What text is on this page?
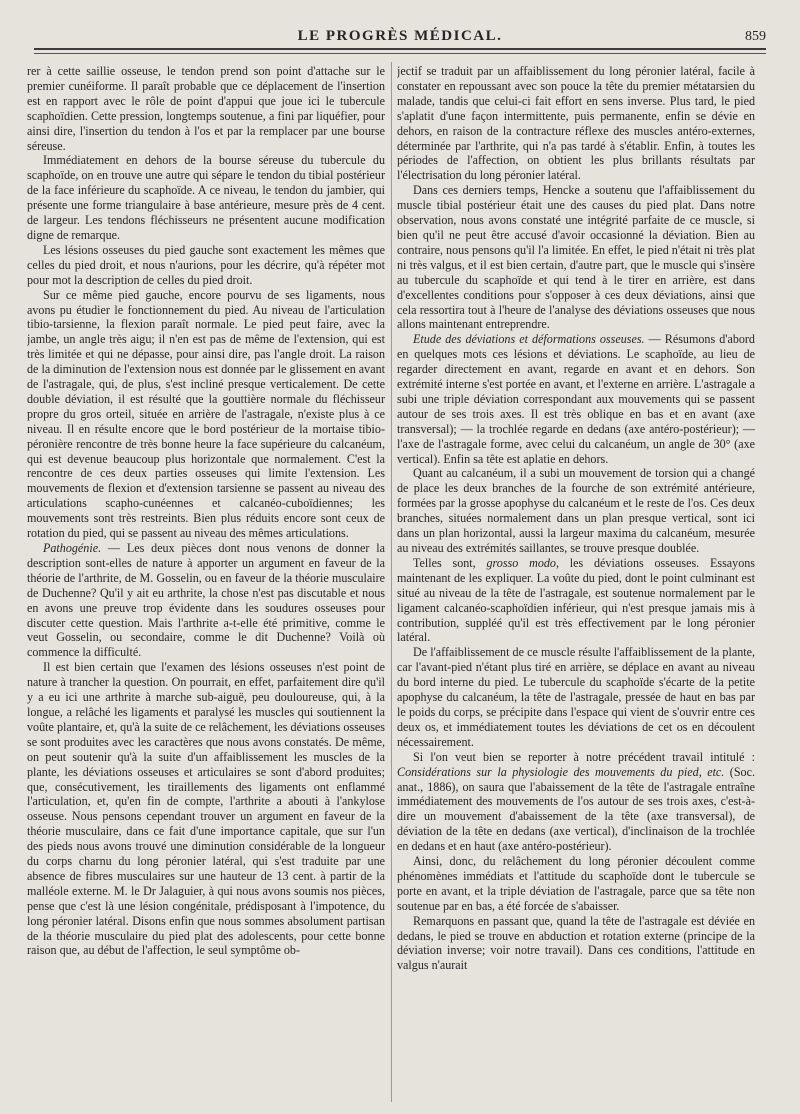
LE PROGRÈS MÉDICAL.	859

rer à cette saillie osseuse, le tendon prend son point d'attache sur le premier cunéiforme. Il paraît probable que ce déplacement de l'insertion est en rapport avec le rôle de point d'appui que joue ici le tubercule scaphoïdien. Cette pression, longtemps soutenue, a fini par liquéfier, pour ainsi dire, l'insertion du tendon à l'os et par la remplacer par une bourse séreuse.

Immédiatement en dehors de la bourse séreuse du tubercule du scaphoïde, on en trouve une autre qui sépare le tendon du tibial postérieur de la face inférieure du scaphoïde. A ce niveau, le tendon du jambier, qui présente une forme triangulaire à base antérieure, mesure près de 4 cent. de largeur. Les tendons fléchisseurs ne présentent aucune modification digne de remarque.

Les lésions osseuses du pied gauche sont exactement les mêmes que celles du pied droit, et nous n'aurions, pour les décrire, qu'à répéter mot pour mot la description de celles du pied droit.

Sur ce même pied gauche, encore pourvu de ses ligaments, nous avons pu étudier le fonctionnement du pied. Au niveau de l'articulation tibio-tarsienne, la flexion paraît normale. Le pied peut faire, avec la jambe, un angle très aigu; il n'en est pas de même de l'extension, qui est très limitée et qui ne dépasse, pour ainsi dire, pas l'angle droit. La raison de la diminution de l'extension nous est donnée par le glissement en avant de l'astragale, qui, de plus, s'est incliné presque verticalement. De cette double déviation, il est résulté que la gouttière normale du fléchisseur propre du gros orteil, située en arrière de l'astragale, n'existe plus à ce niveau. Il en résulte encore que le bord postérieur de la mortaise tibio-péronière rencontre de très bonne heure la face supérieure du calcanéum, qui est devenue beaucoup plus horizontale que normalement. C'est la rencontre de ces deux parties osseuses qui limite l'extension. Les mouvements de flexion et d'extension tarsienne se passent au niveau des articulations scapho-cunéennes et calcanéo-cuboïdiennes; les mouvements sont très restreints. Bien plus réduits encore sont ceux de rotation du pied, qui se passent au niveau des mêmes articulations.

Pathogénie. — Les deux pièces dont nous venons de donner la description sont-elles de nature à apporter un argument en faveur de la théorie de l'arthrite, de M. Gosselin, ou en faveur de la théorie musculaire de Duchenne? Qu'il y ait eu arthrite, la chose n'est pas discutable et nous en avons une preuve trop évidente dans les soudures osseuses pour discuter cette question. Mais l'arthrite a-t-elle été primitive, comme le veut Gosselin, ou secondaire, comme le dit Duchenne? Voilà où commence la difficulté.

Il est bien certain que l'examen des lésions osseuses n'est point de nature à trancher la question. On pourrait, en effet, parfaitement dire qu'il y a eu ici une arthrite à marche sub-aiguë, peu douloureuse, qui, à la longue, a relâché les ligaments et paralysé les muscles qui soutiennent la voûte plantaire, et, qu'à la suite de ce relâchement, les déviations osseuses se sont produites avec les caractères que nous avons constatés. De même, on peut soutenir qu'à la suite d'un affaiblissement les muscles de la plante, les déviations osseuses et articulaires se sont d'abord produites; que, consécutivement, les tiraillements des ligaments ont enflammé l'articulation, et, qu'en fin de compte, l'arthrite a abouti à l'ankylose osseuse. Nous pensons cependant trouver un argument en faveur de la théorie musculaire, dans ce fait d'une importance capitale, que sur l'un des pieds nous avons trouvé une diminution considérable de la longueur du corps charnu du long péronier latéral, qui s'est traduite par une absence de fibres musculaires sur une hauteur de 13 cent. à partir de la malléole externe. M. le Dr Jalaguier, à qui nous avons soumis nos pièces, pense que c'est là une lésion congénitale, prédisposant à l'impotence, du long péronier latéral. Disons enfin que nous sommes absolument partisan de la théorie musculaire du pied plat des adolescents, pour cette bonne raison que, au début de l'affection, le seul symptôme ob-

jectif se traduit par un affaiblissement du long péronier latéral, facile à constater en repoussant avec son pouce la tête du premier métatarsien du malade, tandis que celui-ci fait effort en sens inverse. Plus tard, le pied s'aplatit d'une façon intermittente, puis permanente, enfin se dévie en dehors, en raison de la contracture réflexe des muscles antéro-externes, déterminée par l'arthrite, qui n'a pas tardé à s'établir. Enfin, à toutes les périodes de l'affection, on obtient les plus brillants résultats par l'électrisation du long péronier latéral.

Dans ces derniers temps, Hencke a soutenu que l'affaiblissement du muscle tibial postérieur était une des causes du pied plat. Dans notre observation, nous avons constaté une intégrité parfaite de ce muscle, si bien qu'il ne peut être accusé d'avoir occasionné la déviation. Bien au contraire, nous pensons qu'il l'a limitée. En effet, le pied n'était ni très plat ni très valgus, et il est bien certain, d'autre part, que le muscle qui s'insère au tubercule du scaphoïde et qui tend à le tirer en arrière, est dans d'excellentes conditions pour s'opposer à ces deux déviations, ainsi que cela ressortira tout à l'heure de l'analyse des déviations osseuses que nous allons maintenant entreprendre.

Etude des déviations et déformations osseuses. — Résumons d'abord en quelques mots ces lésions et déviations. Le scaphoïde, au lieu de regarder directement en avant, regarde en avant et en dehors. Son extrémité interne s'est portée en avant, et l'externe en arrière. L'astragale a subi une triple déviation correspondant aux mouvements qui se passent autour de ses trois axes. Il est très oblique en bas et en avant (axe transversal); — la trochlée regarde en dedans (axe antéro-postérieur); — l'axe de l'astragale forme, avec celui du calcanéum, un angle de 30° (axe vertical). Enfin sa tête est aplatie en dehors.

Quant au calcanéum, il a subi un mouvement de torsion qui a changé de place les deux branches de la fourche de son extrémité antérieure, formées par la grosse apophyse du calcanéum et le reste de l'os. Ces deux branches, situées normalement dans un plan presque vertical, sont ici dans un plan horizontal, aussi la largeur maxima du calcanéum, mesurée au niveau des extrémités saillantes, se trouve presque doublée.

Telles sont, grosso modo, les déviations osseuses. Essayons maintenant de les expliquer. La voûte du pied, dont le point culminant est situé au niveau de la tête de l'astragale, est soutenue normalement par le ligament calcanéo-scaphoïdien inférieur, qui n'est presque jamais mis à contribution, suppléé qu'il est très effectivement par le long péronier latéral.

De l'affaiblissement de ce muscle résulte l'affaiblissement de la plante, car l'avant-pied n'étant plus tiré en arrière, se déplace en avant au niveau du bord interne du pied. Le tubercule du scaphoïde s'écarte de la petite apophyse du calcanéum, la tête de l'astragale, pressée de haut en bas par le poids du corps, se précipite dans l'espace qui vient de s'ouvrir entre ces deux os, et immédiatement toutes les déviations de cet os en découlent nécessairement.

Si l'on veut bien se reporter à notre précédent travail intitulé : Considérations sur la physiologie des mouvements du pied, etc. (Soc. anat., 1886), on saura que l'abaissement de la tête de l'astragale entraîne immédiatement des mouvements de l'os autour de ses trois axes, c'est-à-dire un mouvement d'abaissement de la tête (axe transversal), de déviation de la tête en dedans (axe vertical), d'inclinaison de la trochlée en dedans et en haut (axe antéro-postérieur).

Ainsi, donc, du relâchement du long péronier découlent comme phénomènes immédiats et l'attitude du scaphoïde dont le tubercule se porte en avant, et la triple déviation de l'astragale, parce que sa tête non soutenue par en bas, a été forcée de s'abaisser.

Remarquons en passant que, quand la tête de l'astragale est déviée en dedans, le pied se trouve en abduction et rotation externe (principe de la déviation inverse; voir notre travail). Dans ces conditions, l'attitude en valgus n'aurait
